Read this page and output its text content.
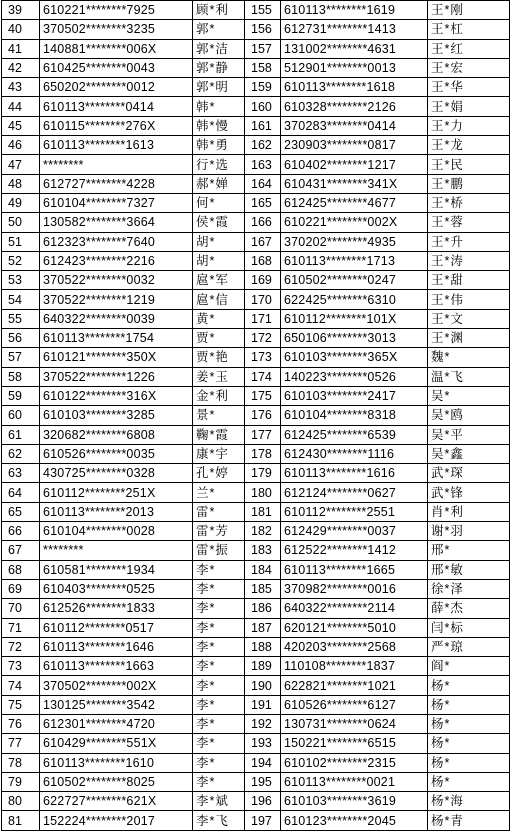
39	610221********7925	顾*利	155	610113********1619	王*刚
40	370502********3235	郭*	156	612731********1413	王*杠
41	140881********006X	郭*洁	157	131002********4631	王*红
42	610425********0043	郭*静	158	512901********0013	王*宏
43	650202********0012	郭*明	159	610113********1618	王*华
44	610113********0414	韩*	160	610328********2126	王*娟
45	610115********276X	韩*慢	161	370283********0414	王*力
46	610113********1613	韩*勇	162	230903********0817	王*龙
47	********	行*选	163	610402********1217	王*民
48	612727********4228	郝*婵	164	610431********341X	王*鹏
49	610104********7327	何*	165	612425********4677	王*桥
50	130582********3664	侯*霞	166	610221********002X	王*蓉
51	612323********7640	胡*	167	370202********4935	王*升
52	612423********2216	胡*	168	610113********1713	王*涛
53	370522********0032	扈*军	169	610502********0247	王*甜
54	370522********1219	扈*信	170	622425********6310	王*伟
55	640322********0039	黄*	171	610112********101X	王*文
56	610113********1754	贾*	172	650106********3013	王*渊
57	610121********350X	贾*艳	173	610103********365X	魏*
58	370522********1226	姜*玉	174	140223********0526	温*飞
59	610122********316X	金*利	175	610103********2417	吴*
60	610103********3285	景*	176	610104********8318	吴*鸥
61	320682********6808	鞠*霞	177	612425********6539	吴*平
62	610526********0035	康*宇	178	612430********1116	吴*鑫
63	430725********0328	孔*婷	179	610113********1616	武*琛
64	610112********251X	兰*	180	612124********0627	武*锋
65	610113********2013	雷*	181	610112********2551	肖*利
66	610104********0028	雷*芳	182	612429********0037	谢*羽
67	********	雷*振	183	612522********1412	邢*
68	610581********1934	李*	184	610113********1665	邢*敏
69	610403********0525	李*	185	370982********0016	徐*泽
70	612526********1833	李*	186	640322********2114	薛*杰
71	610112********0517	李*	187	620121********5010	闫*标
72	610113********1646	李*	188	420203********2568	严*琼
73	610113********1663	李*	189	110108********1837	阎*
74	370502********002X	李*	190	622821********1021	杨*
75	130125********3542	李*	191	610526********6127	杨*
76	612301********4720	李*	192	130731********0624	杨*
77	610429********551X	李*	193	150221********6515	杨*
78	610113********1610	李*	194	610102********2315	杨*
79	610502********8025	李*	195	610113********0021	杨*
80	622727********621X	李*斌	196	610103********3619	杨*海
81	152224********2017	李*飞	197	610123********2045	杨*青
